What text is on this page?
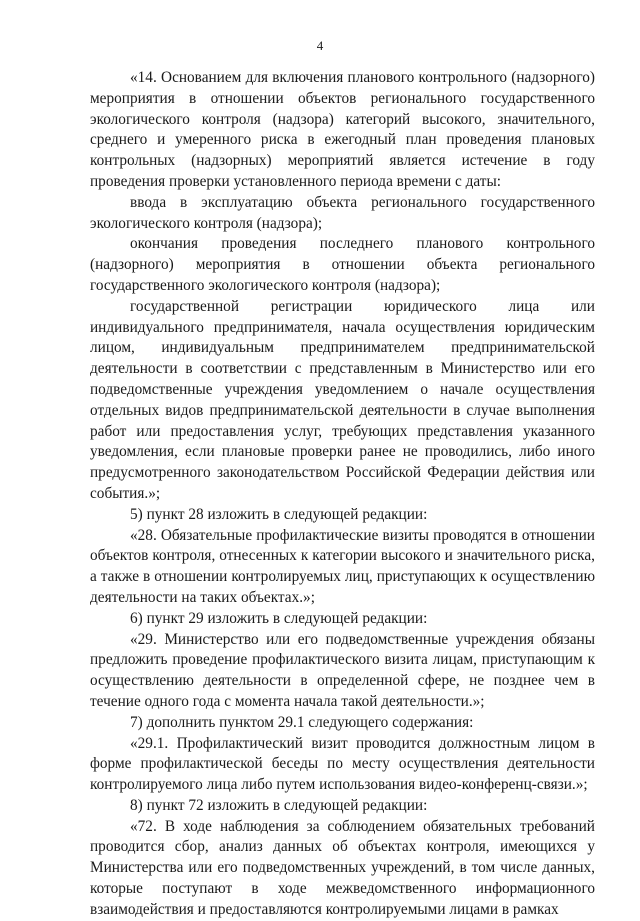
4

«14. Основанием для включения планового контрольного (надзорного) мероприятия в отношении объектов регионального государственного экологического контроля (надзора) категорий высокого, значительного, среднего и умеренного риска в ежегодный план проведения плановых контрольных (надзорных) мероприятий является истечение в году проведения проверки установленного периода времени с даты:

ввода в эксплуатацию объекта регионального государственного экологического контроля (надзора);

окончания проведения последнего планового контрольного (надзорного) мероприятия в отношении объекта регионального государственного экологического контроля (надзора);

государственной регистрации юридического лица или индивидуального предпринимателя, начала осуществления юридическим лицом, индивидуальным предпринимателем предпринимательской деятельности в соответствии с представленным в Министерство или его подведомственные учреждения уведомлением о начале осуществления отдельных видов предпринимательской деятельности в случае выполнения работ или предоставления услуг, требующих представления указанного уведомления, если плановые проверки ранее не проводились, либо иного предусмотренного законодательством Российской Федерации действия или события.»;

5) пункт 28 изложить в следующей редакции:

«28. Обязательные профилактические визиты проводятся в отношении объектов контроля, отнесенных к категории высокого и значительного риска, а также в отношении контролируемых лиц, приступающих к осуществлению деятельности на таких объектах.»;

6) пункт 29 изложить в следующей редакции:

«29. Министерство или его подведомственные учреждения обязаны предложить проведение профилактического визита лицам, приступающим к осуществлению деятельности в определенной сфере, не позднее чем в течение одного года с момента начала такой деятельности.»;

7) дополнить пунктом 29.1 следующего содержания:

«29.1. Профилактический визит проводится должностным лицом в форме профилактической беседы по месту осуществления деятельности контролируемого лица либо путем использования видео-конференц-связи.»;

8) пункт 72 изложить в следующей редакции:

«72. В ходе наблюдения за соблюдением обязательных требований проводится сбор, анализ данных об объектах контроля, имеющихся у Министерства или его подведомственных учреждений, в том числе данных, которые поступают в ходе межведомственного информационного взаимодействия и предоставляются контролируемыми лицами в рамках
